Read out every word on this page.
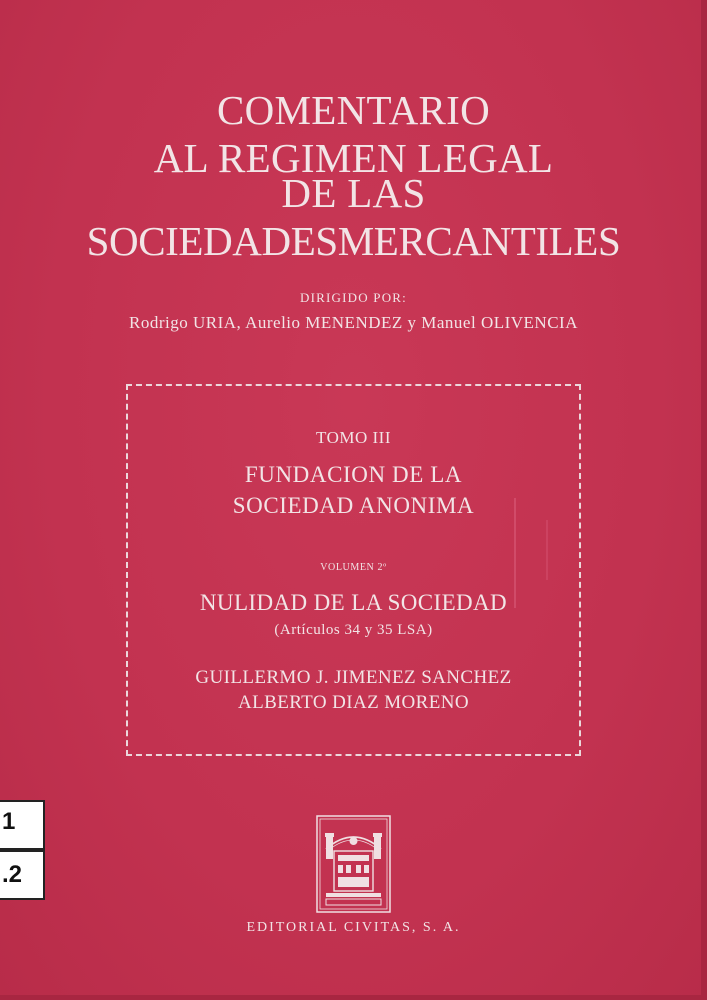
COMENTARIO
AL REGIMEN LEGAL
DE LAS
SOCIEDADESMERCANTILES
DIRIGIDO POR:
Rodrigo URIA, Aurelio MENENDEZ y Manuel OLIVENCIA
TOMO III
FUNDACION DE LA
SOCIEDAD ANONIMA
VOLUMEN 2º
NULIDAD DE LA SOCIEDAD
(Artículos 34 y 35 LSA)
GUILLERMO J. JIMENEZ SANCHEZ
ALBERTO DIAZ MORENO
EDITORIAL CIVITAS, S. A.
1
.2
